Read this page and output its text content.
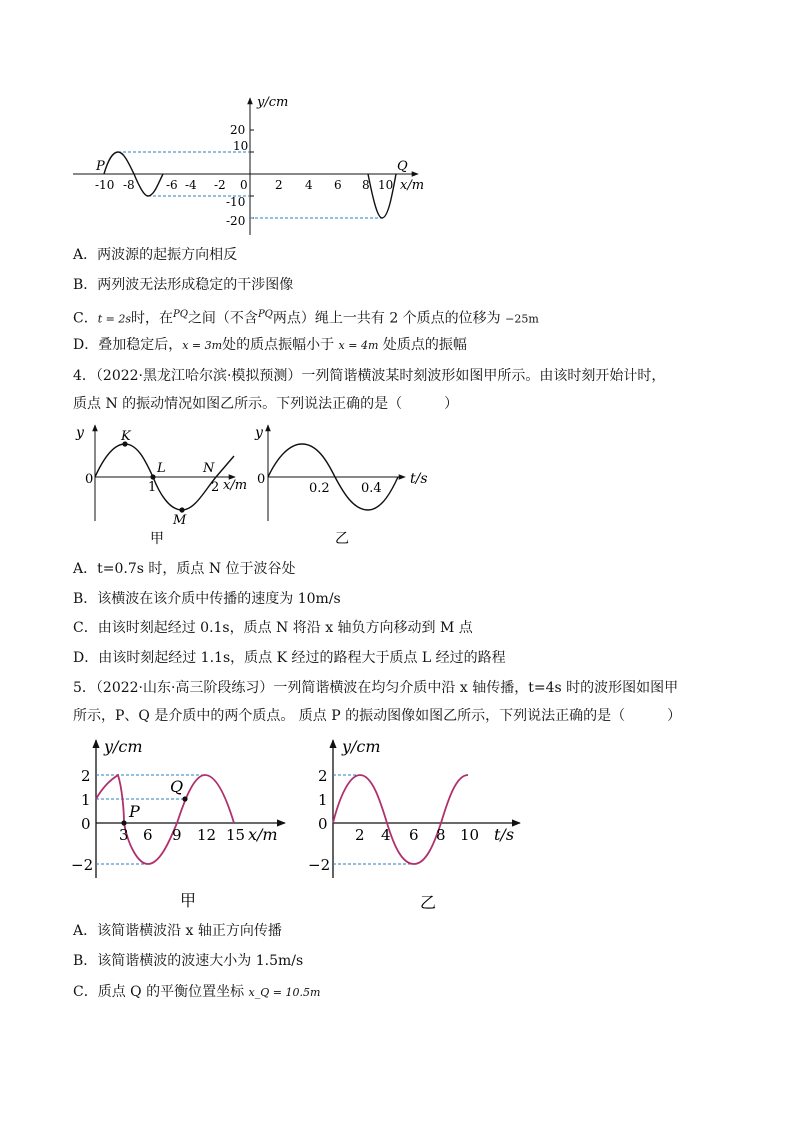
y/cm
x/m
20
10
0
-10
-20
-10 -8	-6 -4 -2	2 4 6 8 10
P	Q
y
0
K
L
M
N
1	2 x/m
甲
y
0
0.2 0.4
t/s
乙
y/cm
P
Q
2
1
0
−2
3 6 9 12 15 x/m
甲
y/cm
2
1
0
−2
2 4 6 8 10 t/s
乙
A．两波源的起振方向相反
B．两列波无法形成稳定的干涉图像
C．t = 2s时，在$^{PQ}$之间（不含$^{PQ}$两点）绳上一共有 2 个质点的位移为 −25m
D．叠加稳定后，x = 3m处的质点振幅小于 x = 4m 处质点的振幅
4．（2022·黑龙江哈尔滨·模拟预测）一列简谐横波某时刻波形如图甲所示。由该时刻开始计时，
质点 N 的振动情况如图乙所示。下列说法正确的是（　　　）
A．t=0.7s 时，质点 N 位于波谷处
B．该横波在该介质中传播的速度为 10m/s
C．由该时刻起经过 0.1s，质点 N 将沿 x 轴负方向移动到 M 点
D．由该时刻起经过 1.1s，质点 K 经过的路程大于质点 L 经过的路程
5．（2022·山东·高三阶段练习）一列简谐横波在均匀介质中沿 x 轴传播，t=4s 时的波形图如图甲
所示，P、Q 是介质中的两个质点。 质点 P 的振动图像如图乙所示，下列说法正确的是（　　　）
A．该简谐横波沿 x 轴正方向传播
B．该简谐横波的波速大小为 1.5m/s
C．质点 Q 的平衡位置坐标 x_Q = 10.5m
